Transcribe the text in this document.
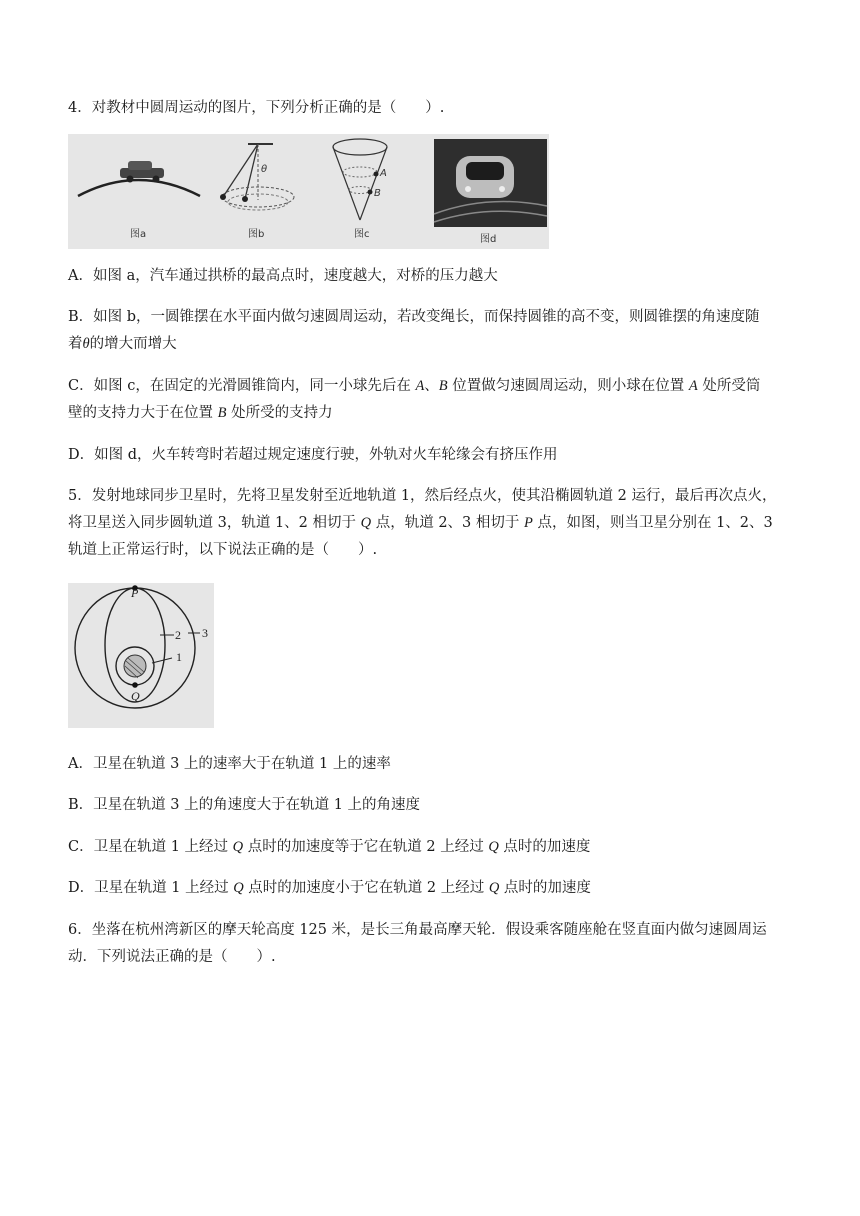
4．对教材中圆周运动的图片，下列分析正确的是（　　）.
图a
θ
图b
A
B
图c	图d
A．如图 a，汽车通过拱桥的最高点时，速度越大，对桥的压力越大
B．如图 b，一圆锥摆在水平面内做匀速圆周运动，若改变绳长，而保持圆锥的高不变，则圆锥摆的角速度随
着θ的增大而增大
C．如图 c，在固定的光滑圆锥筒内，同一小球先后在 A、B 位置做匀速圆周运动，则小球在位置 A 处所受筒
壁的支持力大于在位置 B 处所受的支持力
D．如图 d，火车转弯时若超过规定速度行驶，外轨对火车轮缘会有挤压作用
5．发射地球同步卫星时，先将卫星发射至近地轨道 1，然后经点火，使其沿椭圆轨道 2 运行，最后再次点火，
将卫星送入同步圆轨道 3，轨道 1、2 相切于 Q 点，轨道 2、3 相切于 P 点，如图，则当卫星分别在 1、2、3
轨道上正常运行时，以下说法正确的是（　　）.
P
Q
1
2 3
A．卫星在轨道 3 上的速率大于在轨道 1 上的速率
B．卫星在轨道 3 上的角速度大于在轨道 1 上的角速度
C．卫星在轨道 1 上经过 Q 点时的加速度等于它在轨道 2 上经过 Q 点时的加速度
D．卫星在轨道 1 上经过 Q 点时的加速度小于它在轨道 2 上经过 Q 点时的加速度
6．坐落在杭州湾新区的摩天轮高度 125 米，是长三角最高摩天轮．假设乘客随座舱在竖直面内做匀速圆周运
动．下列说法正确的是（　　）.
